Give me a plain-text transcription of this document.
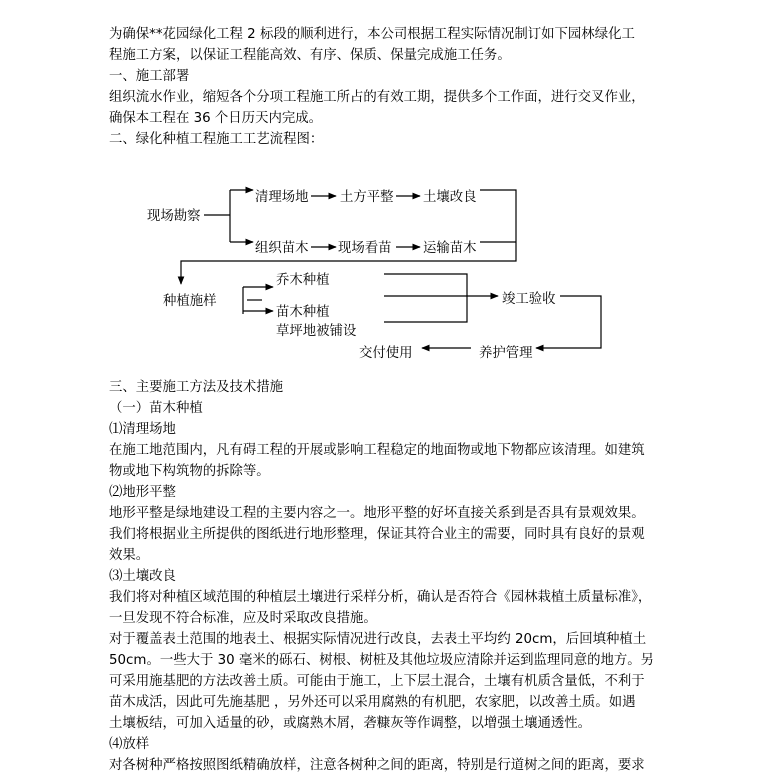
为确保**花园绿化工程 2 标段的顺利进行，本公司根据工程实际情况制订如下园林绿化工
程施工方案，以保证工程能高效、有序、保质、保量完成施工任务。
一、施工部署
组织流水作业，缩短各个分项工程施工所占的有效工期，提供多个工作面，进行交叉作业，
确保本工程在 36 个日历天内完成。
二、绿化种植工程施工工艺流程图：
现场勘察
清理场地 土方平整 土壤改良
组织苗木 现场看苗 运输苗木
种植施样
乔木种植
苗木种植
草坪地被铺设
竣工验收
养护管理
交付使用
三、主要施工方法及技术措施
（一）苗木种植
⑴清理场地
在施工地范围内，凡有碍工程的开展或影响工程稳定的地面物或地下物都应该清理。如建筑
物或地下构筑物的拆除等。
⑵地形平整
地形平整是绿地建设工程的主要内容之一。地形平整的好坏直接关系到是否具有景观效果。
我们将根据业主所提供的图纸进行地形整理，保证其符合业主的需要，同时具有良好的景观
效果。
⑶土壤改良
我们将对种植区域范围的种植层土壤进行采样分析，确认是否符合《园林栽植土质量标准》，
一旦发现不符合标准，应及时采取改良措施。
对于覆盖表土范围的地表土、根据实际情况进行改良，去表土平均约 20cm，后回填种植土
50cm。一些大于 30 毫米的砾石、树根、树桩及其他垃圾应清除并运到监理同意的地方。另
可采用施基肥的方法改善土质。可能由于施工，上下层土混合，土壤有机质含量低，不利于
苗木成活，因此可先施基肥 ，另外还可以采用腐熟的有机肥，农家肥，以改善土质。如遇
土壤板结，可加入适量的砂，或腐熟木屑，砻糠灰等作调整，以增强土壤通透性。
⑷放样
对各树种严格按照图纸精确放样，注意各树种之间的距离，特别是行道树之间的距离，要求
